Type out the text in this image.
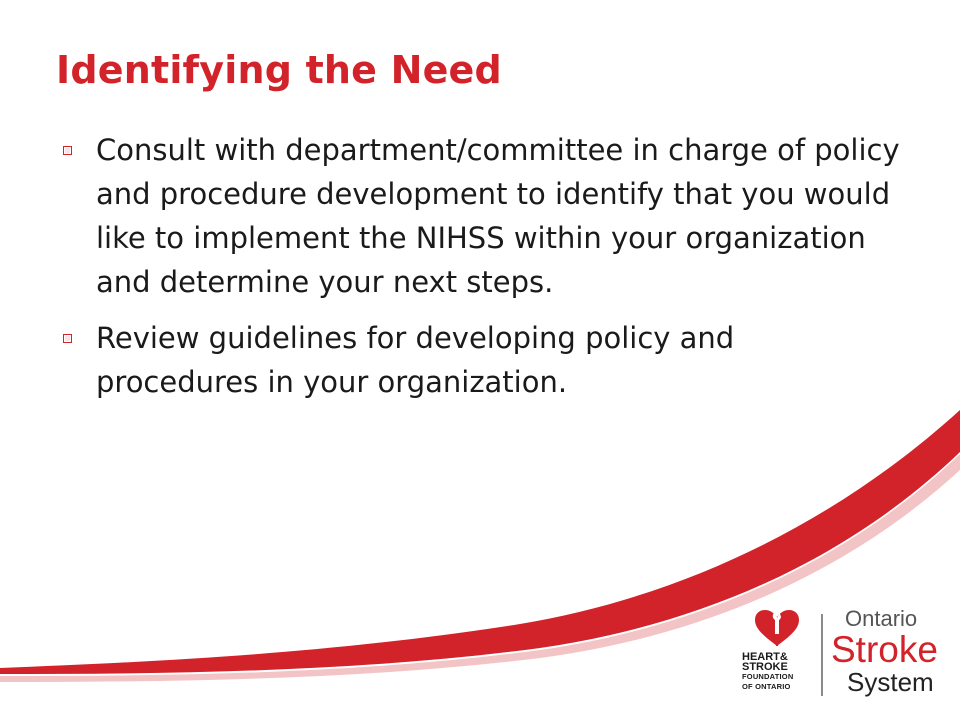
Identifying the Need
Consult with department/committee in charge of policy and procedure development to identify that you would like to implement the NIHSS within your organization and determine your next steps.
Review guidelines for developing policy and procedures in your organization.
HEART&
STROKE
FOUNDATION
OF ONTARIO
Ontario
Stroke
System
